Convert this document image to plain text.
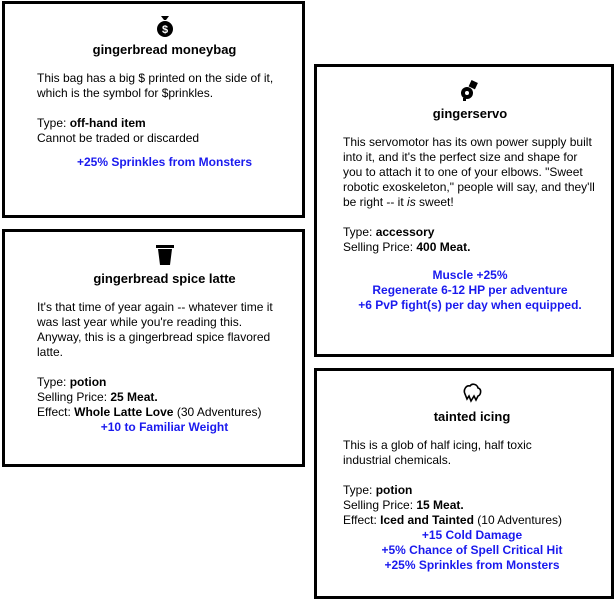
$
gingerbread moneybag
This bag has a big $ printed on the side of it, which is the symbol for $prinkles.
Type: off-hand item
Cannot be traded or discarded
+25% Sprinkles from Monsters
gingerbread spice latte
It's that time of year again -- whatever time it was last year while you're reading this. Anyway, this is a gingerbread spice flavored latte.
Type: potion
Selling Price: 25 Meat.
Effect: Whole Latte Love (30 Adventures)
+10 to Familiar Weight
gingerservo
This servomotor has its own power supply built into it, and it's the perfect size and shape for you to attach it to one of your elbows. "Sweet robotic exoskeleton," people will say, and they'll be right -- it is sweet!
Type: accessory
Selling Price: 400 Meat.
Muscle +25%
Regenerate 6-12 HP per adventure
+6 PvP fight(s) per day when equipped.
tainted icing
This is a glob of half icing, half toxic industrial chemicals.
Type: potion
Selling Price: 15 Meat.
Effect: Iced and Tainted (10 Adventures)
+15 Cold Damage
+5% Chance of Spell Critical Hit
+25% Sprinkles from Monsters
